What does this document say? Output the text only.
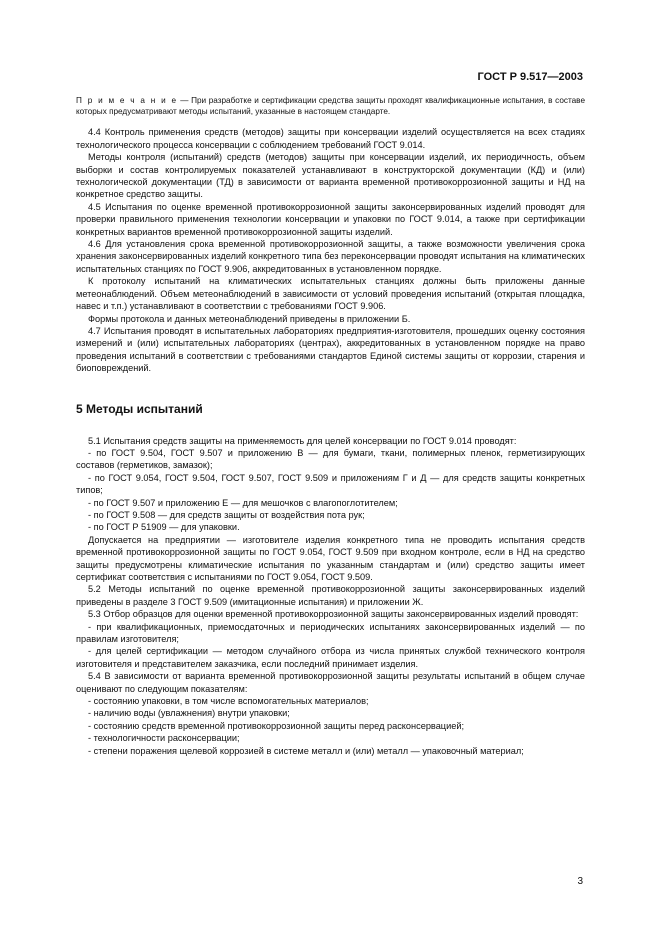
ГОСТ Р 9.517—2003

П р и м е ч а н и е — При разработке и сертификации средства защиты проходят квалификационные испытания, в составе которых предусматривают методы испытаний, указанные в настоящем стандарте.

4.4 Контроль применения средств (методов) защиты при консервации изделий осуществляется на всех стадиях технологического процесса консервации с соблюдением требований ГОСТ 9.014.

Методы контроля (испытаний) средств (методов) защиты при консервации изделий, их периодичность, объем выборки и состав контролируемых показателей устанавливают в конструкторской документации (КД) и (или) технологической документации (ТД) в зависимости от варианта временной противокоррозионной защиты и НД на конкретное средство защиты.

4.5 Испытания по оценке временной противокоррозионной защиты законсервированных изделий проводят для проверки правильного применения технологии консервации и упаковки по ГОСТ 9.014, а также при сертификации конкретных вариантов временной противокоррозионной защиты изделий.

4.6 Для установления срока временной противокоррозионной защиты, а также возможности увеличения срока хранения законсервированных изделий конкретного типа без переконсервации проводят испытания на климатических испытательных станциях по ГОСТ 9.906, аккредитованных в установленном порядке.

К протоколу испытаний на климатических испытательных станциях должны быть приложены данные метеонаблюдений. Объем метеонаблюдений в зависимости от условий проведения испытаний (открытая площадка, навес и т.п.) устанавливают в соответствии с требованиями ГОСТ 9.906.

Формы протокола и данных метеонаблюдений приведены в приложении Б.

4.7 Испытания проводят в испытательных лабораториях предприятия-изготовителя, прошедших оценку состояния измерений и (или) испытательных лабораториях (центрах), аккредитованных в установленном порядке на право проведения испытаний в соответствии с требованиями стандартов Единой системы защиты от коррозии, старения и биоповреждений.

5 Методы испытаний

5.1 Испытания средств защиты на применяемость для целей консервации по ГОСТ 9.014 проводят:

- по ГОСТ 9.504, ГОСТ 9.507 и приложению В — для бумаги, ткани, полимерных пленок, герметизирующих составов (герметиков, замазок);

- по ГОСТ 9.054, ГОСТ 9.504, ГОСТ 9.507, ГОСТ 9.509 и приложениям Г и Д — для средств защиты конкретных типов;

- по ГОСТ 9.507 и приложению Е — для мешочков с влагопоглотителем;

- по ГОСТ 9.508 — для средств защиты от воздействия пота рук;

- по ГОСТ Р 51909 — для упаковки.

Допускается на предприятии — изготовителе изделия конкретного типа не проводить испытания средств временной противокоррозионной защиты по ГОСТ 9.054, ГОСТ 9.509 при входном контроле, если в НД на средство защиты предусмотрены климатические испытания по указанным стандартам и (или) средство защиты имеет сертификат соответствия с испытаниями по ГОСТ 9.054, ГОСТ 9.509.

5.2 Методы испытаний по оценке временной противокоррозионной защиты законсервированных изделий приведены в разделе 3 ГОСТ 9.509 (имитационные испытания) и приложении Ж.

5.3 Отбор образцов для оценки временной противокоррозионной защиты законсервированных изделий проводят:

- при квалификационных, приемосдаточных и периодических испытаниях законсервированных изделий — по правилам изготовителя;

- для целей сертификации — методом случайного отбора из числа принятых службой технического контроля изготовителя и представителем заказчика, если последний принимает изделия.

5.4 В зависимости от варианта временной противокоррозионной защиты результаты испытаний в общем случае оценивают по следующим показателям:

- состоянию упаковки, в том числе вспомогательных материалов;

- наличию воды (увлажнения) внутри упаковки;

- состоянию средств временной противокоррозионной защиты перед расконсервацией;

- технологичности расконсервации;

- степени поражения щелевой коррозией в системе металл и (или) металл — упаковочный материал;

3
